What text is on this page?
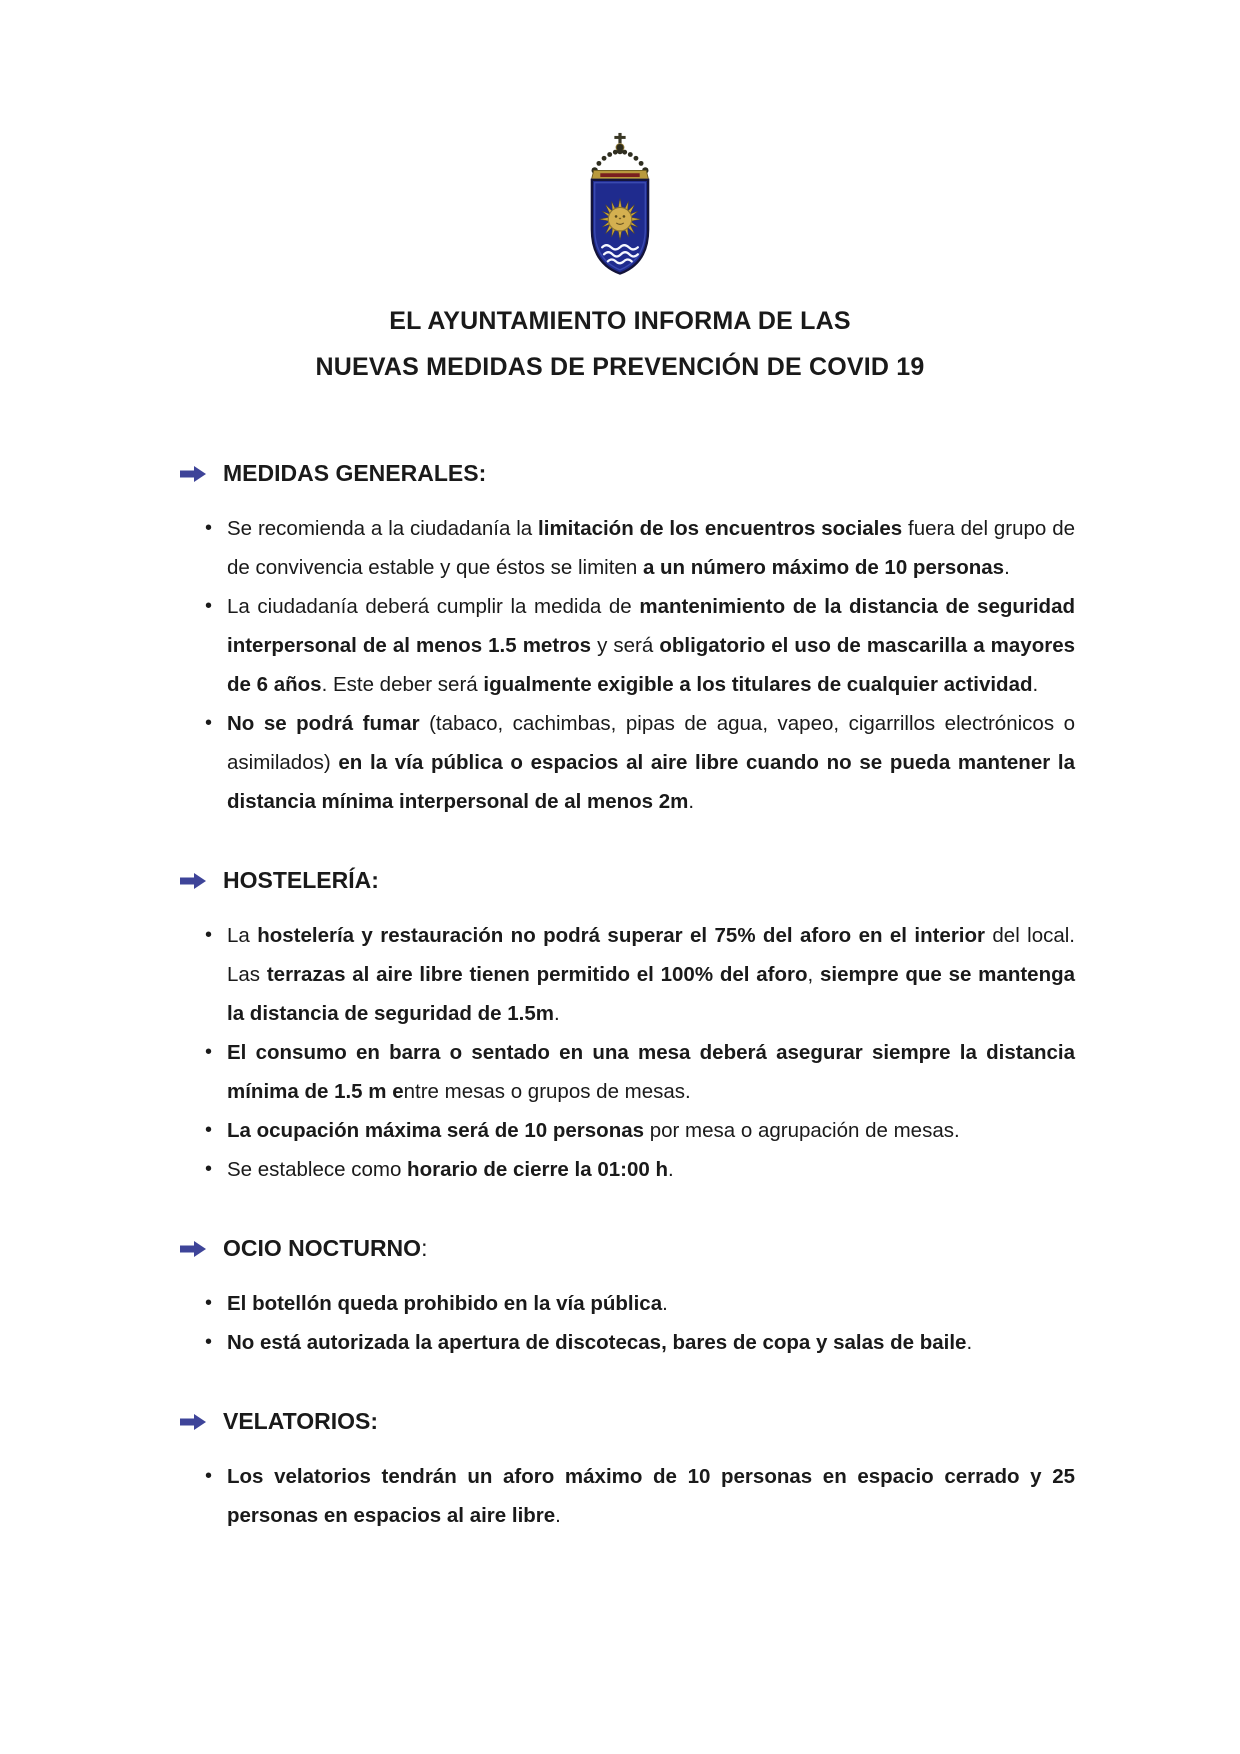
EL AYUNTAMIENTO INFORMA DE LAS
NUEVAS MEDIDAS DE PREVENCIÓN DE COVID 19
MEDIDAS GENERALES:
• Se recomienda a la ciudadanía la limitación de los encuentros sociales fuera del grupo de de convivencia estable y que éstos se limiten a un número máximo de 10 personas.
• La ciudadanía deberá cumplir la medida de mantenimiento de la distancia de seguridad interpersonal de al menos 1.5 metros y será obligatorio el uso de mascarilla a mayores de 6 años. Este deber será igualmente exigible a los titulares de cualquier actividad.
• No se podrá fumar (tabaco, cachimbas, pipas de agua, vapeo, cigarrillos electrónicos o asimilados) en la vía pública o espacios al aire libre cuando no se pueda mantener la distancia mínima interpersonal de al menos 2m.
HOSTELERÍA:
• La hostelería y restauración no podrá superar el 75% del aforo en el interior del local. Las terrazas al aire libre tienen permitido el 100% del aforo, siempre que se mantenga la distancia de seguridad de 1.5m.
• El consumo en barra o sentado en una mesa deberá asegurar siempre la distancia mínima de 1.5 m entre mesas o grupos de mesas.
• La ocupación máxima será de 10 personas por mesa o agrupación de mesas.
• Se establece como horario de cierre la 01:00 h.
OCIO NOCTURNO:
• El botellón queda prohibido en la vía pública.
• No está autorizada la apertura de discotecas, bares de copa y salas de baile.
VELATORIOS:
• Los velatorios tendrán un aforo máximo de 10 personas en espacio cerrado y 25 personas en espacios al aire libre.
